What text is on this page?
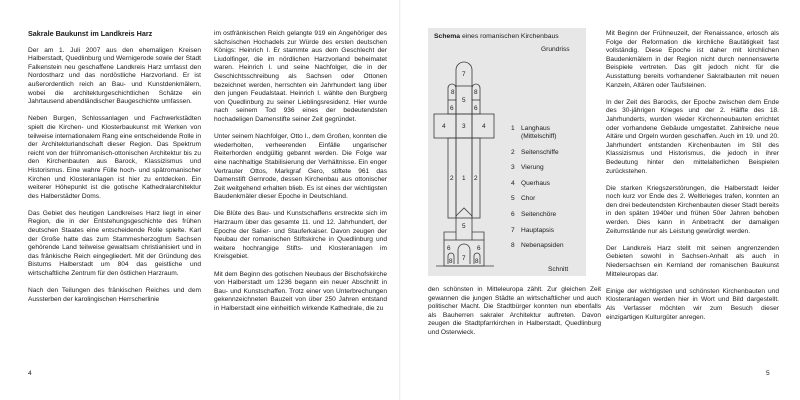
Sakrale Baukunst im Landkreis Harz

Der am 1. Juli 2007 aus den ehemaligen Kreisen Halberstadt, Quedlinburg und Wernigerode sowie der Stadt Falkenstein neu geschaffene Landkreis Harz umfasst den Nordostharz und das nordöstliche Harzvorland. Er ist außerordentlich reich an Bau- und Kunstdenkmälern, wobei die architekturgeschichtlichen Schätze ein Jahrtausend abendländischer Baugeschichte umfassen.

Neben Burgen, Schlossanlagen und Fachwerkstädten spielt die Kirchen- und Klosterbaukunst mit Werken von teilweise internationalem Rang eine entscheidende Rolle in der Architekturlandschaft dieser Region. Das Spektrum reicht von der frühromanisch-ottonischen Architektur bis zu den Kirchenbauten aus Barock, Klassizismus und Historismus. Eine wahre Fülle hoch- und spätromanischer Kirchen und Klosteranlagen ist hier zu entdecken. Ein weiterer Höhepunkt ist die gotische Kathedralarchitektur des Halberstädter Doms.

Das Gebiet des heutigen Landkreises Harz liegt in einer Region, die in der Entstehungsgeschichte des frühen deutschen Staates eine entscheidende Rolle spielte. Karl der Große hatte das zum Stammesherzogtum Sachsen gehörende Land teilweise gewaltsam christianisiert und in das fränkische Reich eingegliedert. Mit der Gründung des Bistums Halberstadt um 804 das geistliche und wirtschaftliche Zentrum für den östlichen Harzraum.

Nach den Teilungen des fränkischen Reiches und dem Aussterben der karolingischen Herrscherlinie

im ostfränkischen Reich gelangte 919 ein Angehöriger des sächsischen Hochadels zur Würde des ersten deutschen Königs: Heinrich I. Er stammte aus dem Geschlecht der Liudolfinger, die im nördlichen Harzvorland beheimatet waren. Heinrich I. und seine Nachfolger, die in der Geschichtsschreibung als Sachsen oder Ottonen bezeichnet werden, herrschten ein Jahrhundert lang über den jungen Feudalstaat. Heinrich I. wählte den Burgberg von Quedlinburg zu seiner Lieblingsresidenz. Hier wurde nach seinem Tod 936 eines der bedeutendsten hochadeligen Damenstifte seiner Zeit gegründet.

Unter seinem Nachfolger, Otto I., dem Großen, konnten die wiederholten, verheerenden Einfälle ungarischer Reiterhorden endgültig gebannt werden. Die Folge war eine nachhaltige Stabilisierung der Verhältnisse. Ein enger Vertrauter Ottos, Markgraf Gero, stiftete 961 das Damenstift Gernrode, dessen Kirchenbau aus ottonischer Zeit weitgehend erhalten blieb. Es ist eines der wichtigsten Baudenkmäler dieser Epoche in Deutschland.

Die Blüte des Bau- und Kunstschaffens erstreckte sich im Harzraum über das gesamte 11. und 12. Jahrhundert, der Epoche der Salier- und Stauferkaiser. Davon zeugen der Neubau der romanischen Stiftskirche in Quedlinburg und weitere hochrangige Stifts- und Klosteranlagen im Kreisgebiet.

Mit dem Beginn des gotischen Neubaus der Bischofskirche von Halberstadt um 1236 begann ein neuer Abschnitt in Bau- und Kunstschaffen. Trotz einer von Unterbrechungen gekennzeichneten Bauzeit von über 250 Jahren entstand in Halberstadt eine einheitlich wirkende Kathedrale, die zu

4
Schema eines romanischen Kirchenbaus
Grundriss
Schnitt
8
7
8
6
5
6
4	3	4
2 1 2
6
5
6
8 7 8
1 Langhaus (Mittelschiff)
2 Seitenschiffe
3 Vierung
4 Querhaus
5 Chor
6 Seitenchöre
7 Hauptapsis
8 Nebenapsiden

den schönsten in Mitteleuropa zählt. Zur gleichen Zeit gewannen die jungen Städte an wirtschaftlicher und auch politischer Macht. Die Stadtbürger konnten nun ebenfalls als Bauherren sakraler Architektur auftreten. Davon zeugen die Stadtpfarrkirchen in Halberstadt, Quedlinburg und Osterwieck.

Mit Beginn der Frühneuzeit, der Renaissance, erlosch als Folge der Reformation die kirchliche Bautätigkeit fast vollständig. Diese Epoche ist daher mit kirchlichen Baudenkmälern in der Region nicht durch nennenswerte Beispiele vertreten. Das gilt jedoch nicht für die Ausstattung bereits vorhandener Sakralbauten mit neuen Kanzeln, Altären oder Taufsteinen.

In der Zeit des Barocks, der Epoche zwischen dem Ende des 30-jährigen Krieges und der 2. Hälfte des 18. Jahrhunderts, wurden wieder Kirchenneubauten errichtet oder vorhandene Gebäude umgestaltet. Zahlreiche neue Altäre und Orgeln wurden geschaffen. Auch im 19. und 20. Jahrhundert entstanden Kirchenbauten im Stil des Klassizismus und Historismus, die jedoch in ihrer Bedeutung hinter den mittelalterlichen Beispielen zurückstehen.

Die starken Kriegszerstörungen, die Halberstadt leider noch kurz vor Ende des 2. Weltkrieges trafen, konnten an den drei bedeutendsten Kirchenbauten dieser Stadt bereits in den späten 1940er und frühen 50er Jahren behoben werden. Dies kann in Anbetracht der damaligen Zeitumstände nur als Leistung gewürdigt werden.

Der Landkreis Harz stellt mit seinen angrenzenden Gebieten sowohl in Sachsen-Anhalt als auch in Niedersachsen ein Kernland der romanischen Baukunst Mitteleuropas dar.

Einige der wichtigsten und schönsten Kirchenbauten und Klosteranlagen werden hier in Wort und Bild dargestellt. Als Verfasser möchten wir zum Besuch dieser einzigartigen Kulturgüter anregen.

5
